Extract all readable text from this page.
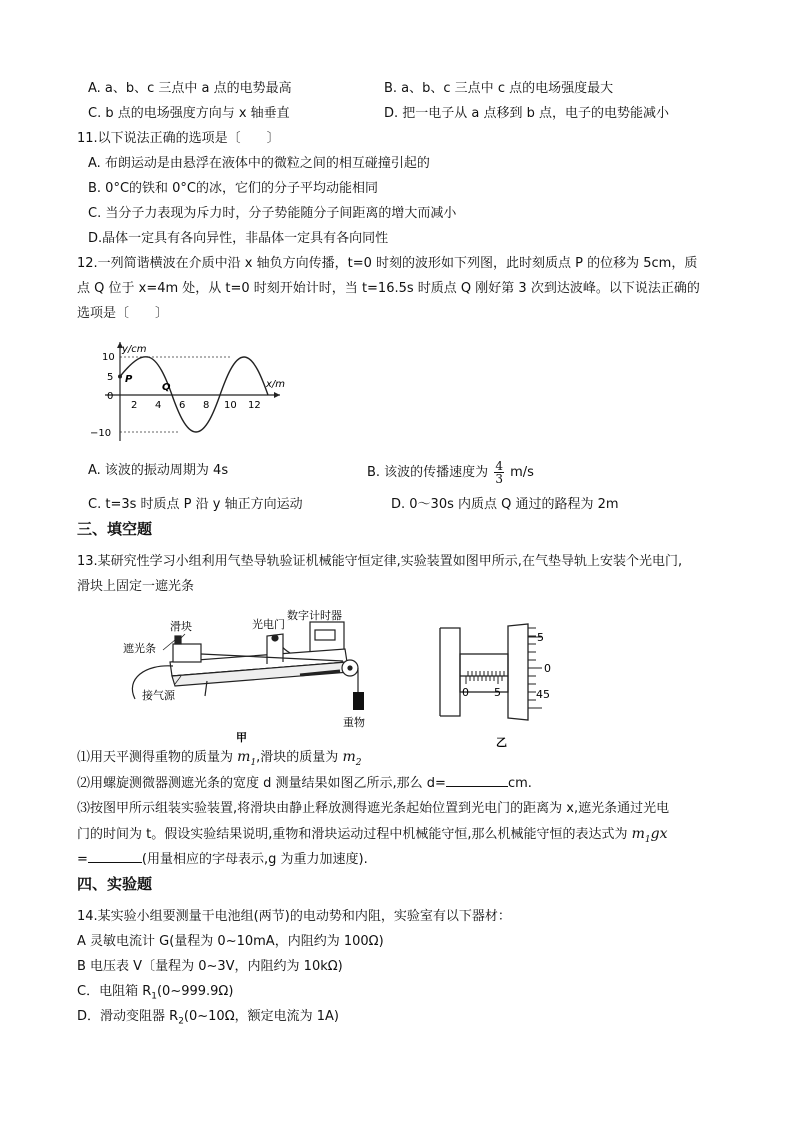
A. a、b、c 三点中 a 点的电势最高	B. a、b、c 三点中 c 点的电场强度最大
C. b 点的电场强度方向与 x 轴垂直	D. 把一电子从 a 点移到 b 点，电子的电势能减小
11.以下说法正确的选项是〔　　〕
A. 布朗运动是由悬浮在液体中的微粒之间的相互碰撞引起的
B. 0°C的铁和 0°C的冰，它们的分子平均动能相同
C. 当分子力表现为斥力时，分子势能随分子间距离的增大而减小
D.晶体一定具有各向异性，非晶体一定具有各向同性
12.一列简谐横波在介质中沿 x 轴负方向传播，t=0 时刻的波形如下列图，此时刻质点 P 的位移为 5cm，质
点 Q 位于 x=4m 处，从 t=0 时刻开始计时，当 t=16.5s 时质点 Q 刚好第 3 次到达波峰。以下说法正确的
选项是〔　　〕
y/cm
x/m
10
5
0
−10
2 4 6 8 10 12
P
Q
A. 该波的振动周期为 4s	B. 该波的传播速度为 $\frac{4}{3} m/s$
C. t=3s 时质点 P 沿 y 轴正方向运动	D. 0～30s 内质点 Q 通过的路程为 2m
三、填空题
13.某研究性学习小组利用气垫导轨验证机械能守恒定律,实验装置如图甲所示,在气垫导轨上安装个光电门,
滑块上固定一遮光条
数字计时器
滑块	光电门
遮光条
接气源
重物
甲
5
0
45
0 5
乙
⑴用天平测得重物的质量为 $m_1$,滑块的质量为 $m_2$
⑵用螺旋测微器测遮光条的宽度 d 测量结果如图乙所示,那么 d=	cm.
⑶按图甲所示组装实验装置,将滑块由静止释放测得遮光条起始位置到光电门的距离为 x,遮光条通过光电
门的时间为 t。假设实验结果说明,重物和滑块运动过程中机械能守恒,那么机械能守恒的表达式为 $m_1gx$
=	(用量相应的字母表示,g 为重力加速度).
四、实验题
14.某实验小组要测量干电池组(两节)的电动势和内阻，实验室有以下器材：
A 灵敏电流计 G(量程为 0~10mA，内阻约为 100Ω)
B 电压表 V〔量程为 0~3V，内阻约为 10kΩ)
C．电阻箱 $R_1(0\sim 999.9\Omega)$
D．滑动变阻器 $R_2(0\sim 10\Omega$，额定电流为 1A)
